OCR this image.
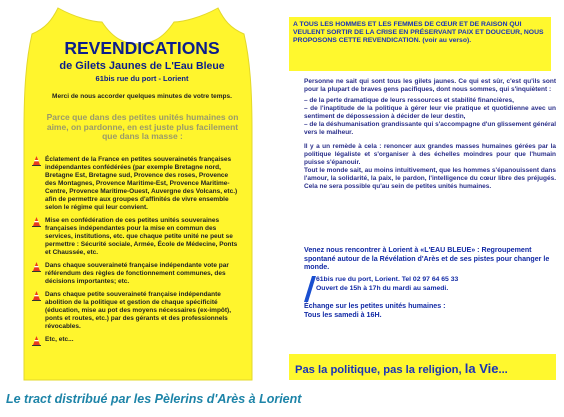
REVENDICATIONS
de Gilets Jaunes de L'Eau Bleue
61bis rue du port - Lorient
Merci de nous accorder quelques minutes de votre temps.
Parce que dans des petites unités humaines on aime, on pardonne, en est juste plus facilement que dans la masse :
Éclatement de la France en petites souverainetés françaises indépendantes confédérées (par exemple Bretagne nord, Bretagne Est, Bretagne sud, Provence des roses, Provence des Montagnes, Provence Maritime-Est, Provence Maritime-Centre, Provence Maritime-Ouest, Auvergne des Volcans, etc.) afin de permettre aux groupes d'affinités de vivre ensemble selon le régime qui leur convient.
Mise en confédération de ces petites unités souveraines françaises indépendantes pour la mise en commun des services, institutions, etc. que chaque petite unité ne peut se permettre : Sécurité sociale, Armée, École de Médecine, Ponts et Chaussée, etc.
Dans chaque souveraineté française indépendante vote par référendum des règles de fonctionnement communes, des décisions importantes; etc.
Dans chaque petite souveraineté française indépendante abolition de la politique et gestion de chaque spécificité (éducation, mise au pot des moyens nécessaires (ex-impôt), ponts et routes, etc.) par des gérants et des professionnels révocables.
Etc, etc...

A TOUS LES HOMMES ET LES FEMMES DE CŒUR ET DE RAISON QUI VEULENT SORTIR DE LA CRISE EN PRÉSERVANT PAIX ET DOUCEUR, NOUS PROPOSONS CETTE REVENDICATION. (voir au verso).

Personne ne sait qui sont tous les gilets jaunes. Ce qui est sûr, c'est qu'ils sont pour la plupart de braves gens pacifiques, dont nous sommes, qui s'inquiètent :

– de la perte dramatique de leurs ressources et stabilité financières,

– de l'inaptitude de la politique à gérer leur vie pratique et quotidienne avec un sentiment de dépossession à décider de leur destin,

– de la déshumanisation grandissante qui s'accompagne d'un glissement général vers le malheur.

Il y a un remède à cela : renoncer aux grandes masses humaines gérées par la politique légaliste et s'organiser à des échelles moindres pour que l'humain puisse s'épanouir.

Tout le monde sait, au moins intuitivement, que les hommes s'épanouissent dans l'amour, la solidarité, la paix, le pardon, l'intelligence du cœur libre des préjugés. Cela ne sera possible qu'au sein de petites unités humaines.

Venez nous rencontrer à Lorient à «L'EAU BLEUE» : Regroupement spontané autour de la Révélation d'Arès et de ses pistes pour changer le monde.
61bis rue du port, Lorient. Tel 02 97 64 65 33
Ouvert de 15h à 17h du mardi au samedi.
Échange sur les petites unités humaines :
Tous les samedi à 16H.
Pas la politique, pas la religion, la Vie...
Le tract distribué par les Pèlerins d'Arès à Lorient
